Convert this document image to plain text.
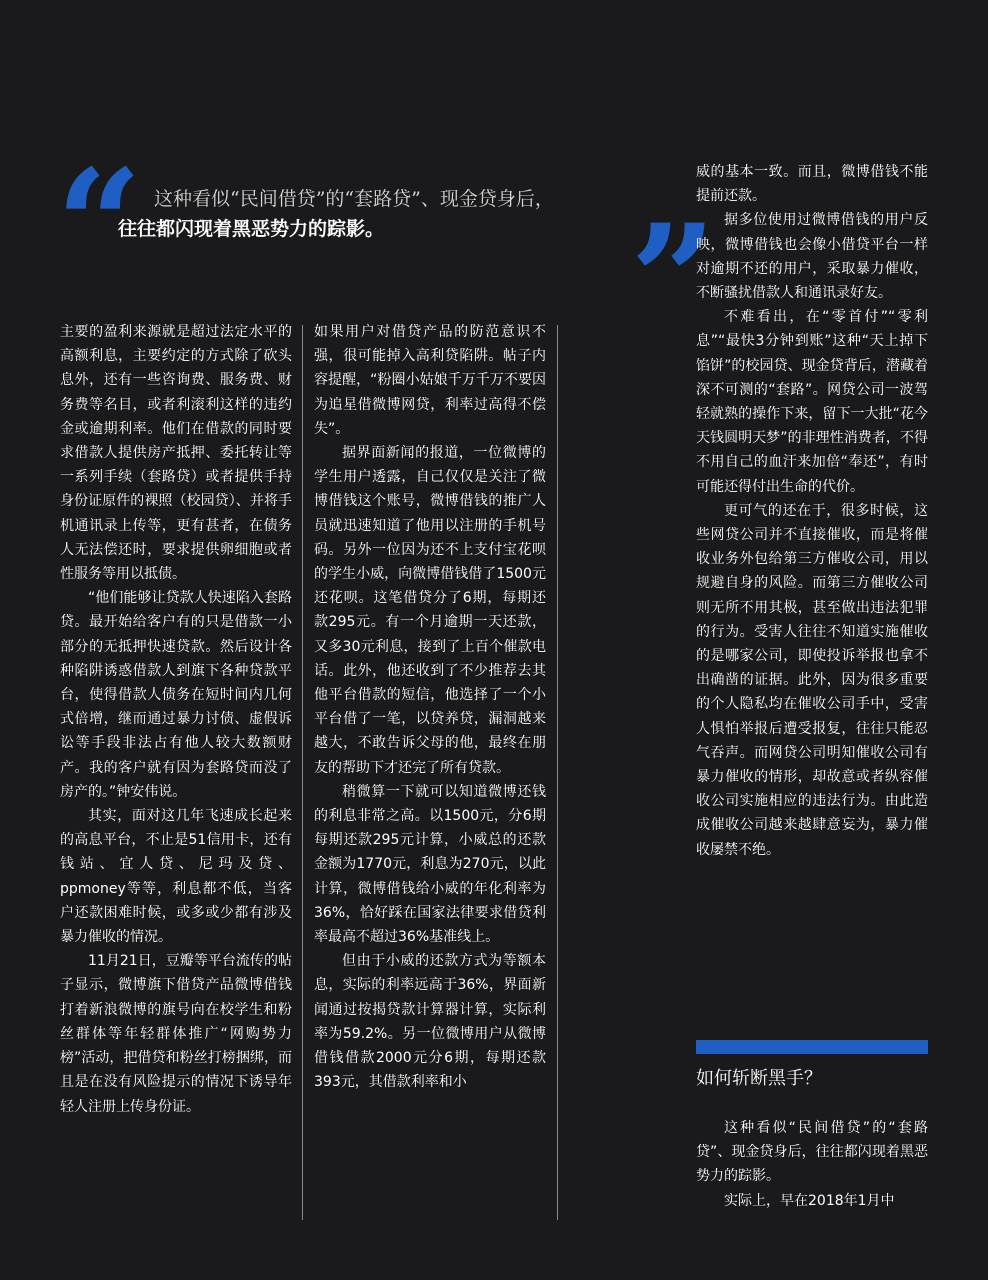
“ 这种看似“民间借贷”的“套路贷”、现金贷身后，
往往都闪现着黑恶势力的踪影。	”

主要的盈利来源就是超过法定水平的高额利息，主要约定的方式除了砍头息外，还有一些咨询费、服务费、财务费等名目，或者利滚利这样的违约金或逾期利率。他们在借款的同时要求借款人提供房产抵押、委托转让等一系列手续（套路贷）或者提供手持身份证原件的裸照（校园贷）、并将手机通讯录上传等，更有甚者，在债务人无法偿还时，要求提供卵细胞或者性服务等用以抵债。

“他们能够让贷款人快速陷入套路贷。最开始给客户有的只是借款一小部分的无抵押快速贷款。然后设计各种陷阱诱惑借款人到旗下各种贷款平台，使得借款人债务在短时间内几何式倍增，继而通过暴力讨债、虚假诉讼等手段非法占有他人较大数额财产。我的客户就有因为套路贷而没了房产的。”钟安伟说。

其实，面对这几年飞速成长起来的高息平台，不止是51信用卡，还有钱站、宜人贷、尼玛及贷、ppmoney等等，利息都不低，当客户还款困难时候，或多或少都有涉及暴力催收的情况。

11月21日，豆瓣等平台流传的帖子显示，微博旗下借贷产品微博借钱打着新浪微博的旗号向在校学生和粉丝群体等年轻群体推广“网购势力榜”活动，把借贷和粉丝打榜捆绑，而且是在没有风险提示的情况下诱导年轻人注册上传身份证。

如果用户对借贷产品的防范意识不强，很可能掉入高利贷陷阱。帖子内容提醒，“粉圈小姑娘千万千万不要因为追星借微博网贷，利率过高得不偿失”。

据界面新闻的报道，一位微博的学生用户透露，自己仅仅是关注了微博借钱这个账号，微博借钱的推广人员就迅速知道了他用以注册的手机号码。另外一位因为还不上支付宝花呗的学生小威，向微博借钱借了1500元还花呗。这笔借贷分了6期，每期还款295元。有一个月逾期一天还款，又多30元利息，接到了上百个催款电话。此外，他还收到了不少推荐去其他平台借款的短信，他选择了一个小平台借了一笔，以贷养贷，漏洞越来越大，不敢告诉父母的他，最终在朋友的帮助下才还完了所有贷款。

稍微算一下就可以知道微博还钱的利息非常之高。以1500元，分6期每期还款295元计算，小威总的还款金额为1770元，利息为270元，以此计算，微博借钱给小威的年化利率为36%，恰好踩在国家法律要求借贷利率最高不超过36%基准线上。

但由于小威的还款方式为等额本息，实际的利率远高于36%，界面新闻通过按揭贷款计算器计算，实际利率为59.2%。另一位微博用户从微博借钱借款2000元分6期，每期还款393元，其借款利率和小

威的基本一致。而且，微博借钱不能提前还款。

据多位使用过微博借钱的用户反映，微博借钱也会像小借贷平台一样对逾期不还的用户，采取暴力催收，不断骚扰借款人和通讯录好友。

不难看出，在“零首付”“零利息”“最快3分钟到账”这种“天上掉下馅饼”的校园贷、现金贷背后，潜藏着深不可测的“套路”。网贷公司一波驾轻就熟的操作下来，留下一大批“花今天钱圆明天梦”的非理性消费者，不得不用自己的血汗来加倍“奉还”，有时可能还得付出生命的代价。

更可气的还在于，很多时候，这些网贷公司并不直接催收，而是将催收业务外包给第三方催收公司，用以规避自身的风险。而第三方催收公司则无所不用其极，甚至做出违法犯罪的行为。受害人往往不知道实施催收的是哪家公司，即使投诉举报也拿不出确凿的证据。此外，因为很多重要的个人隐私均在催收公司手中，受害人惧怕举报后遭受报复，往往只能忍气吞声。而网贷公司明知催收公司有暴力催收的情形，却故意或者纵容催收公司实施相应的违法行为。由此造成催收公司越来越肆意妄为，暴力催收屡禁不绝。

如何斩断黑手？

这种看似“民间借贷”的“套路贷”、现金贷身后，往往都闪现着黑恶势力的踪影。

实际上，早在2018年1月中
